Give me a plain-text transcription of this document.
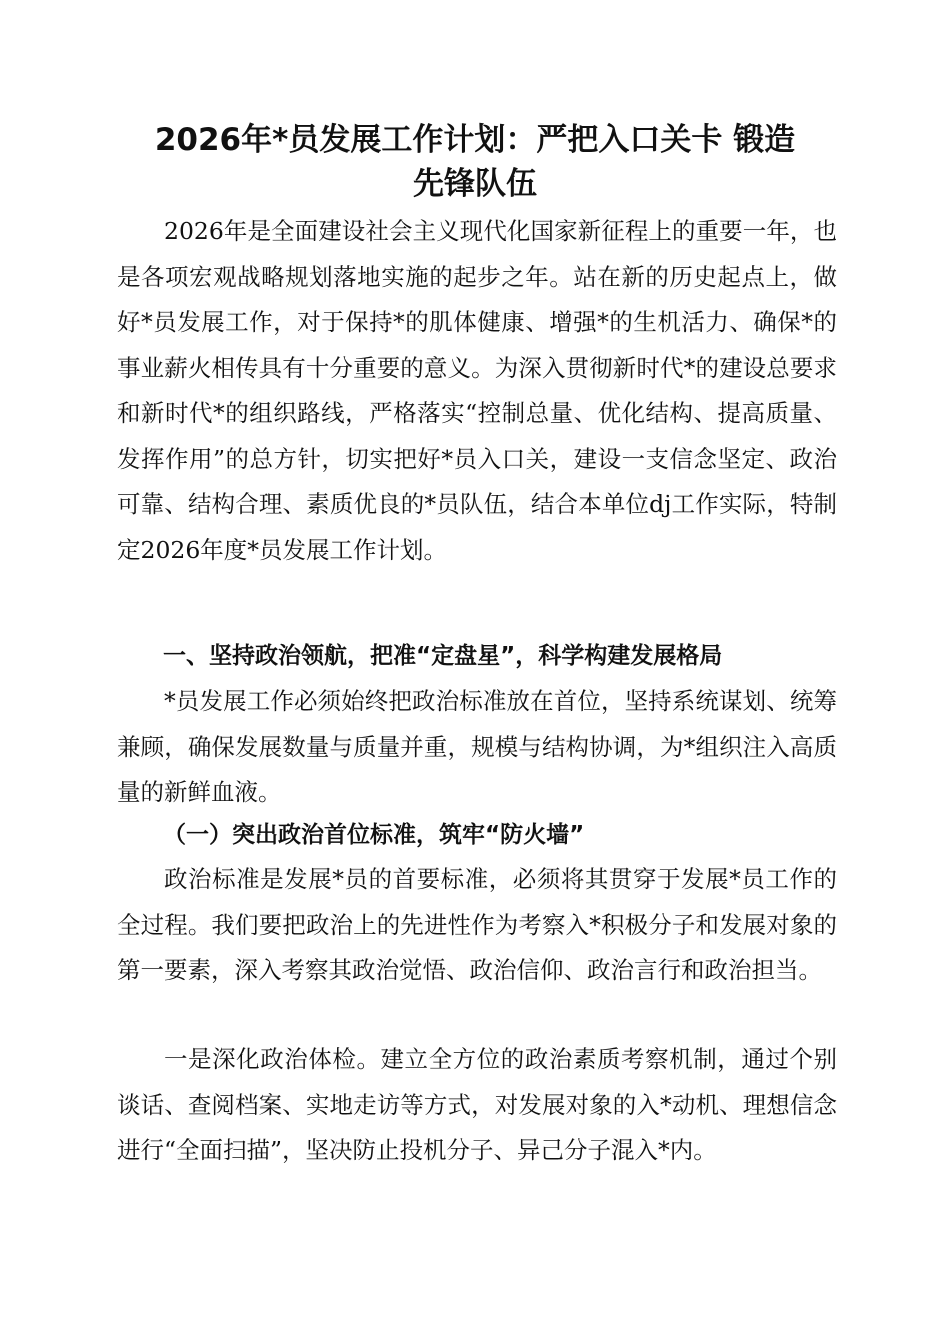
2026年*员发展工作计划：严把入口关卡 锻造
先锋队伍

2026年是全面建设社会主义现代化国家新征程上的重要一年，也是各项宏观战略规划落地实施的起步之年。站在新的历史起点上，做好*员发展工作，对于保持*的肌体健康、增强*的生机活力、确保*的事业薪火相传具有十分重要的意义。为深入贯彻新时代*的建设总要求和新时代*的组织路线，严格落实“控制总量、优化结构、提高质量、发挥作用”的总方针，切实把好*员入口关，建设一支信念坚定、政治可靠、结构合理、素质优良的*员队伍，结合本单位dj工作实际，特制定2026年度*员发展工作计划。

一、坚持政治领航，把准“定盘星”，科学构建发展格局

*员发展工作必须始终把政治标准放在首位，坚持系统谋划、统筹兼顾，确保发展数量与质量并重，规模与结构协调，为*组织注入高质量的新鲜血液。

（一）突出政治首位标准，筑牢“防火墙”

政治标准是发展*员的首要标准，必须将其贯穿于发展*员工作的全过程。我们要把政治上的先进性作为考察入*积极分子和发展对象的第一要素，深入考察其政治觉悟、政治信仰、政治言行和政治担当。

一是深化政治体检。建立全方位的政治素质考察机制，通过个别谈话、查阅档案、实地走访等方式，对发展对象的入*动机、理想信念进行“全面扫描”，坚决防止投机分子、异己分子混入*内。
